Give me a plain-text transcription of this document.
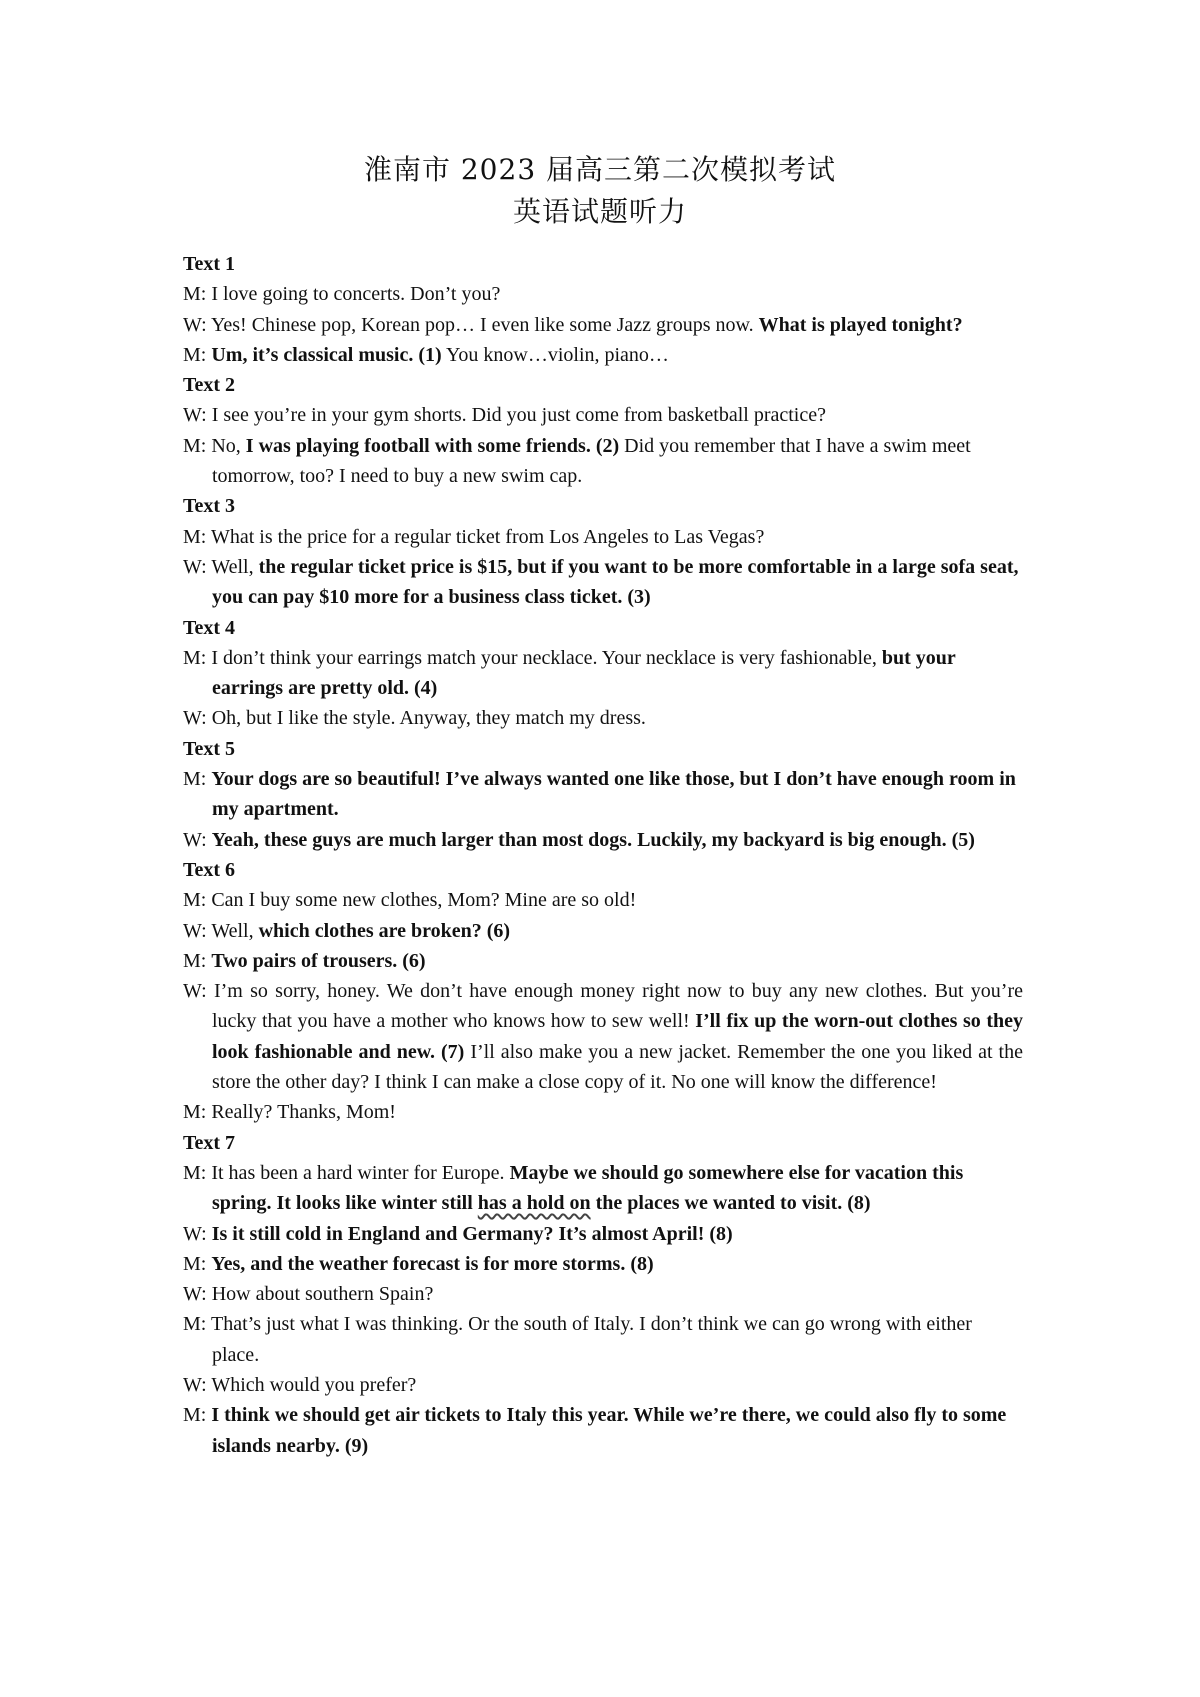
淮南市 2023 届高三第二次模拟考试
英语试题听力
Text 1
M: I love going to concerts. Don’t you?
W: Yes! Chinese pop, Korean pop… I even like some Jazz groups now. What is played tonight?
M: Um, it’s classical music. (1) You know…violin, piano…
Text 2
W: I see you’re in your gym shorts. Did you just come from basketball practice?
M: No, I was playing football with some friends. (2) Did you remember that I have a swim meet tomorrow, too? I need to buy a new swim cap.
Text 3
M: What is the price for a regular ticket from Los Angeles to Las Vegas?
W: Well, the regular ticket price is $15, but if you want to be more comfortable in a large sofa seat, you can pay $10 more for a business class ticket. (3)
Text 4
M: I don’t think your earrings match your necklace. Your necklace is very fashionable, but your earrings are pretty old. (4)
W: Oh, but I like the style. Anyway, they match my dress.
Text 5
M: Your dogs are so beautiful! I’ve always wanted one like those, but I don’t have enough room in my apartment.
W: Yeah, these guys are much larger than most dogs. Luckily, my backyard is big enough. (5)
Text 6
M: Can I buy some new clothes, Mom? Mine are so old!
W: Well, which clothes are broken? (6)
M: Two pairs of trousers. (6)
W: I’m so sorry, honey. We don’t have enough money right now to buy any new clothes. But you’re lucky that you have a mother who knows how to sew well! I’ll fix up the worn-out clothes so they look fashionable and new. (7) I’ll also make you a new jacket. Remember the one you liked at the store the other day? I think I can make a close copy of it. No one will know the difference!
M: Really? Thanks, Mom!
Text 7
M: It has been a hard winter for Europe. Maybe we should go somewhere else for vacation this spring. It looks like winter still has a hold on the places we wanted to visit. (8)
W: Is it still cold in England and Germany? It’s almost April! (8)
M: Yes, and the weather forecast is for more storms. (8)
W: How about southern Spain?
M: That’s just what I was thinking. Or the south of Italy. I don’t think we can go wrong with either place.
W: Which would you prefer?
M: I think we should get air tickets to Italy this year. While we’re there, we could also fly to some islands nearby. (9)
